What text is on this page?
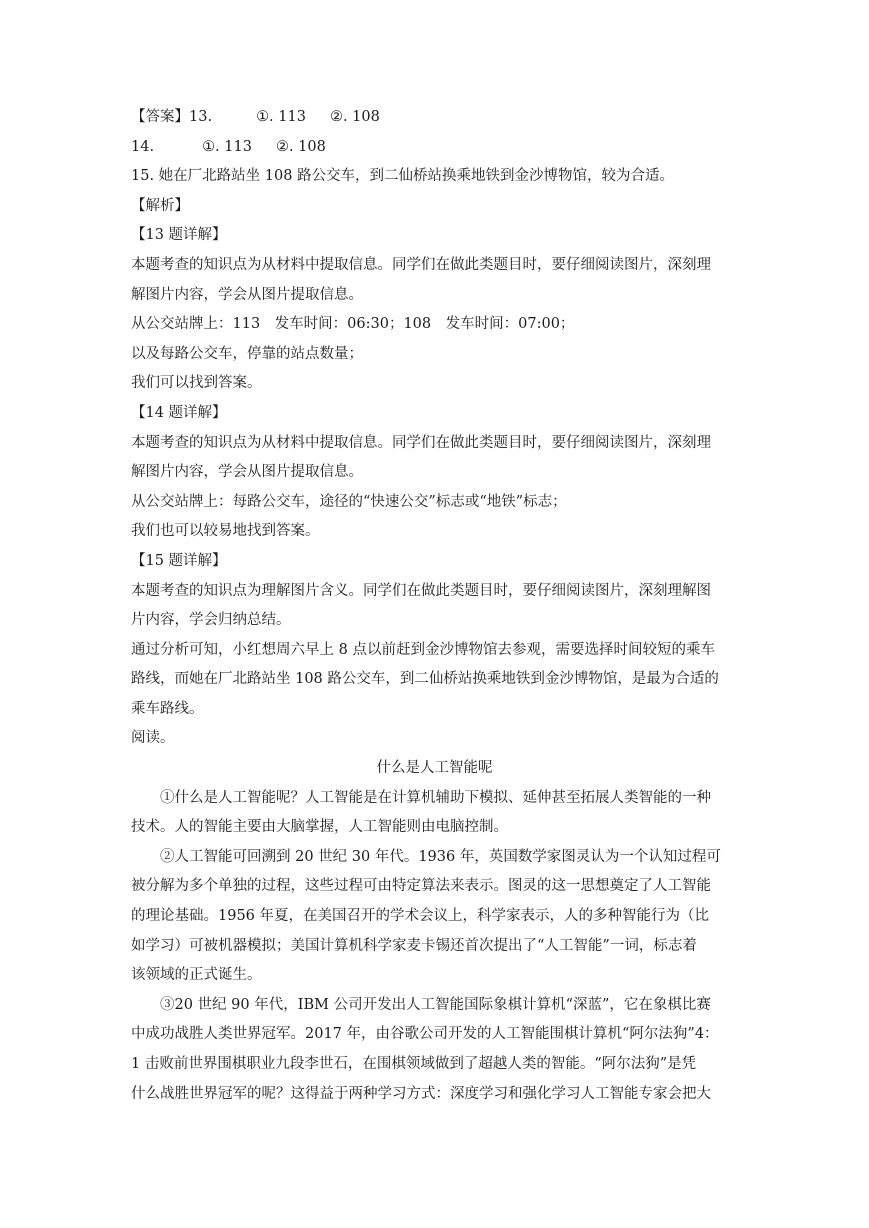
【答案】13.	①. 113 ②. 108
14.	①. 113 ②. 108
15. 她在厂北路站坐 108 路公交车，到二仙桥站换乘地铁到金沙博物馆，较为合适。
【解析】
【13 题详解】
本题考查的知识点为从材料中提取信息。同学们在做此类题目时，要仔细阅读图片，深刻理
解图片内容，学会从图片提取信息。
从公交站牌上：113　发车时间：06:30；108　发车时间：07:00；
以及每路公交车，停靠的站点数量；
我们可以找到答案。
【14 题详解】
本题考查的知识点为从材料中提取信息。同学们在做此类题目时，要仔细阅读图片，深刻理
解图片内容，学会从图片提取信息。
从公交站牌上：每路公交车，途径的“快速公交”标志或“地铁”标志；
我们也可以较易地找到答案。
【15 题详解】
本题考查的知识点为理解图片含义。同学们在做此类题目时，要仔细阅读图片，深刻理解图
片内容，学会归纳总结。
通过分析可知，小红想周六早上 8 点以前赶到金沙博物馆去参观，需要选择时间较短的乘车
路线，而她在厂北路站坐 108 路公交车，到二仙桥站换乘地铁到金沙博物馆，是最为合适的
乘车路线。
阅读。
什么是人工智能呢
①什么是人工智能呢？人工智能是在计算机辅助下模拟、延伸甚至拓展人类智能的一种
技术。人的智能主要由大脑掌握，人工智能则由电脑控制。
②人工智能可回溯到 20 世纪 30 年代。1936 年，英国数学家图灵认为一个认知过程可
被分解为多个单独的过程，这些过程可由特定算法来表示。图灵的这一思想奠定了人工智能
的理论基础。1956 年夏，在美国召开的学术会议上，科学家表示，人的多种智能行为（比
如学习）可被机器模拟；美国计算机科学家麦卡锡还首次提出了“人工智能”一词，标志着
该领域的正式诞生。
③20 世纪 90 年代，IBM 公司开发出人工智能国际象棋计算机“深蓝”，它在象棋比赛
中成功战胜人类世界冠军。2017 年，由谷歌公司开发的人工智能围棋计算机“阿尔法狗”4：
1 击败前世界围棋职业九段李世石，在围棋领域做到了超越人类的智能。“阿尔法狗”是凭
什么战胜世界冠军的呢？这得益于两种学习方式：深度学习和强化学习人工智能专家会把大
